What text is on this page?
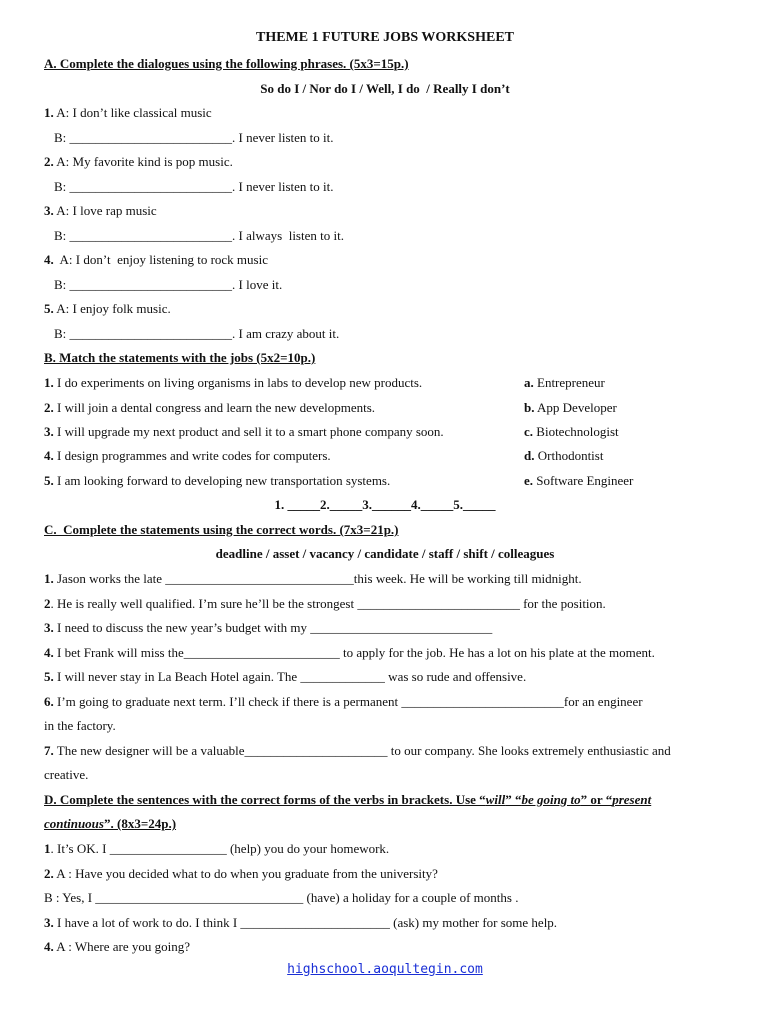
THEME 1 FUTURE JOBS WORKSHEET
A. Complete the dialogues using the following phrases. (5x3=15p.)
So do I / Nor do I / Well, I do  / Really I don’t
1. A: I don’t like classical music
B: _________________________. I never listen to it.
2. A: My favorite kind is pop music.
B: _________________________. I never listen to it.
3. A: I love rap music
B: _________________________. I always  listen to it.
4.  A: I don’t  enjoy listening to rock music
B: _________________________. I love it.
5. A: I enjoy folk music.
B: _________________________. I am crazy about it.
B. Match the statements with the jobs (5x2=10p.)
1. I do experiments on living organisms in labs to develop new products.	a. Entrepreneur
2. I will join a dental congress and learn the new developments.	b. App Developer
3. I will upgrade my next product and sell it to a smart phone company soon.	c. Biotechnologist
4. I design programmes and write codes for computers.	d. Orthodontist
5. I am looking forward to developing new transportation systems.	e. Software Engineer
1. _____2._____3.______4._____5._____
C.  Complete the statements using the correct words. (7x3=21p.)
deadline / asset / vacancy / candidate / staff / shift / colleagues
1. Jason works the late _____________________________this week. He will be working till midnight.
2. He is really well qualified. I’m sure he’ll be the strongest _________________________ for the position.
3. I need to discuss the new year’s budget with my ____________________________
4. I bet Frank will miss the________________________ to apply for the job. He has a lot on his plate at the moment.
5. I will never stay in La Beach Hotel again. The _____________ was so rude and offensive.
6. I’m going to graduate next term. I’ll check if there is a permanent _________________________for an engineer
in the factory.
7. The new designer will be a valuable______________________ to our company. She looks extremely enthusiastic and
creative.
D. Complete the sentences with the correct forms of the verbs in brackets. Use “will” “be going to” or “present
continuous”. (8x3=24p.)
1. It’s OK. I __________________ (help) you do your homework.
2. A : Have you decided what to do when you graduate from the university?
B : Yes, I ________________________________ (have) a holiday for a couple of months .
3. I have a lot of work to do. I think I _______________________ (ask) my mother for some help.
4. A : Where are you going?
highschool.aoqultegin.com
